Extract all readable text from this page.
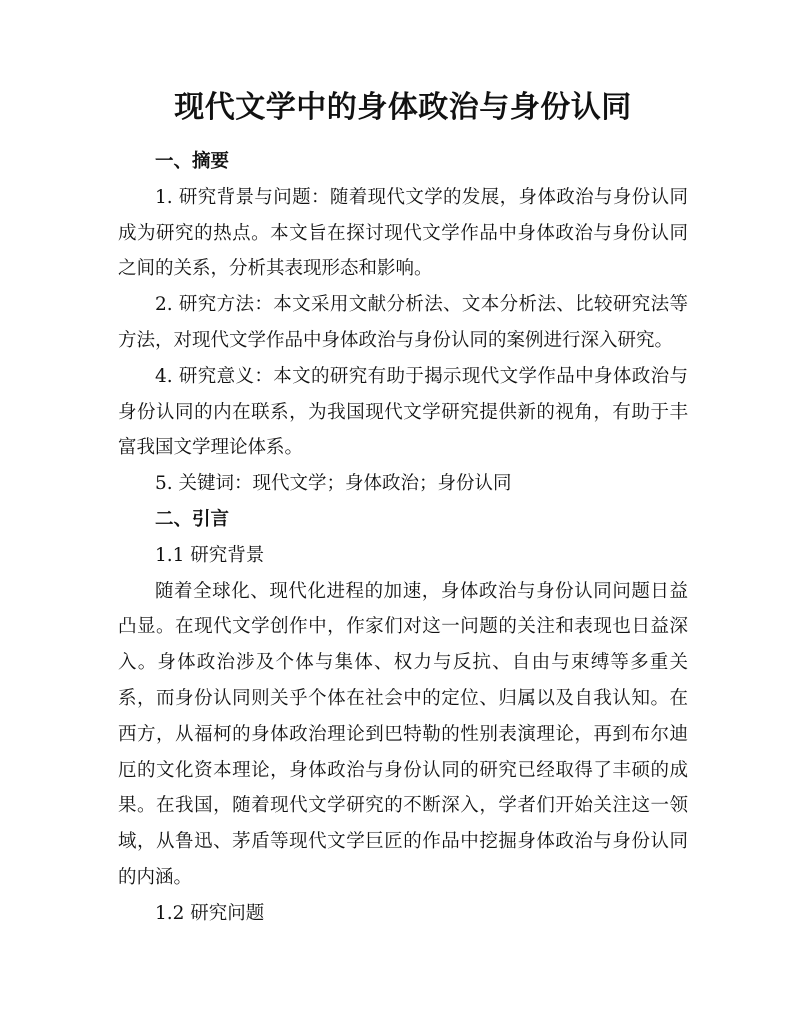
现代文学中的身体政治与身份认同

一、摘要

1. 研究背景与问题：随着现代文学的发展，身体政治与身份认同成为研究的热点。本文旨在探讨现代文学作品中身体政治与身份认同之间的关系，分析其表现形态和影响。

2. 研究方法：本文采用文献分析法、文本分析法、比较研究法等方法，对现代文学作品中身体政治与身份认同的案例进行深入研究。

4. 研究意义：本文的研究有助于揭示现代文学作品中身体政治与身份认同的内在联系，为我国现代文学研究提供新的视角，有助于丰富我国文学理论体系。

5. 关键词：现代文学；身体政治；身份认同

二、引言

1.1 研究背景

随着全球化、现代化进程的加速，身体政治与身份认同问题日益凸显。在现代文学创作中，作家们对这一问题的关注和表现也日益深入。身体政治涉及个体与集体、权力与反抗、自由与束缚等多重关系，而身份认同则关乎个体在社会中的定位、归属以及自我认知。在西方，从福柯的身体政治理论到巴特勒的性别表演理论，再到布尔迪厄的文化资本理论，身体政治与身份认同的研究已经取得了丰硕的成果。在我国，随着现代文学研究的不断深入，学者们开始关注这一领域，从鲁迅、茅盾等现代文学巨匠的作品中挖掘身体政治与身份认同的内涵。

1.2 研究问题
